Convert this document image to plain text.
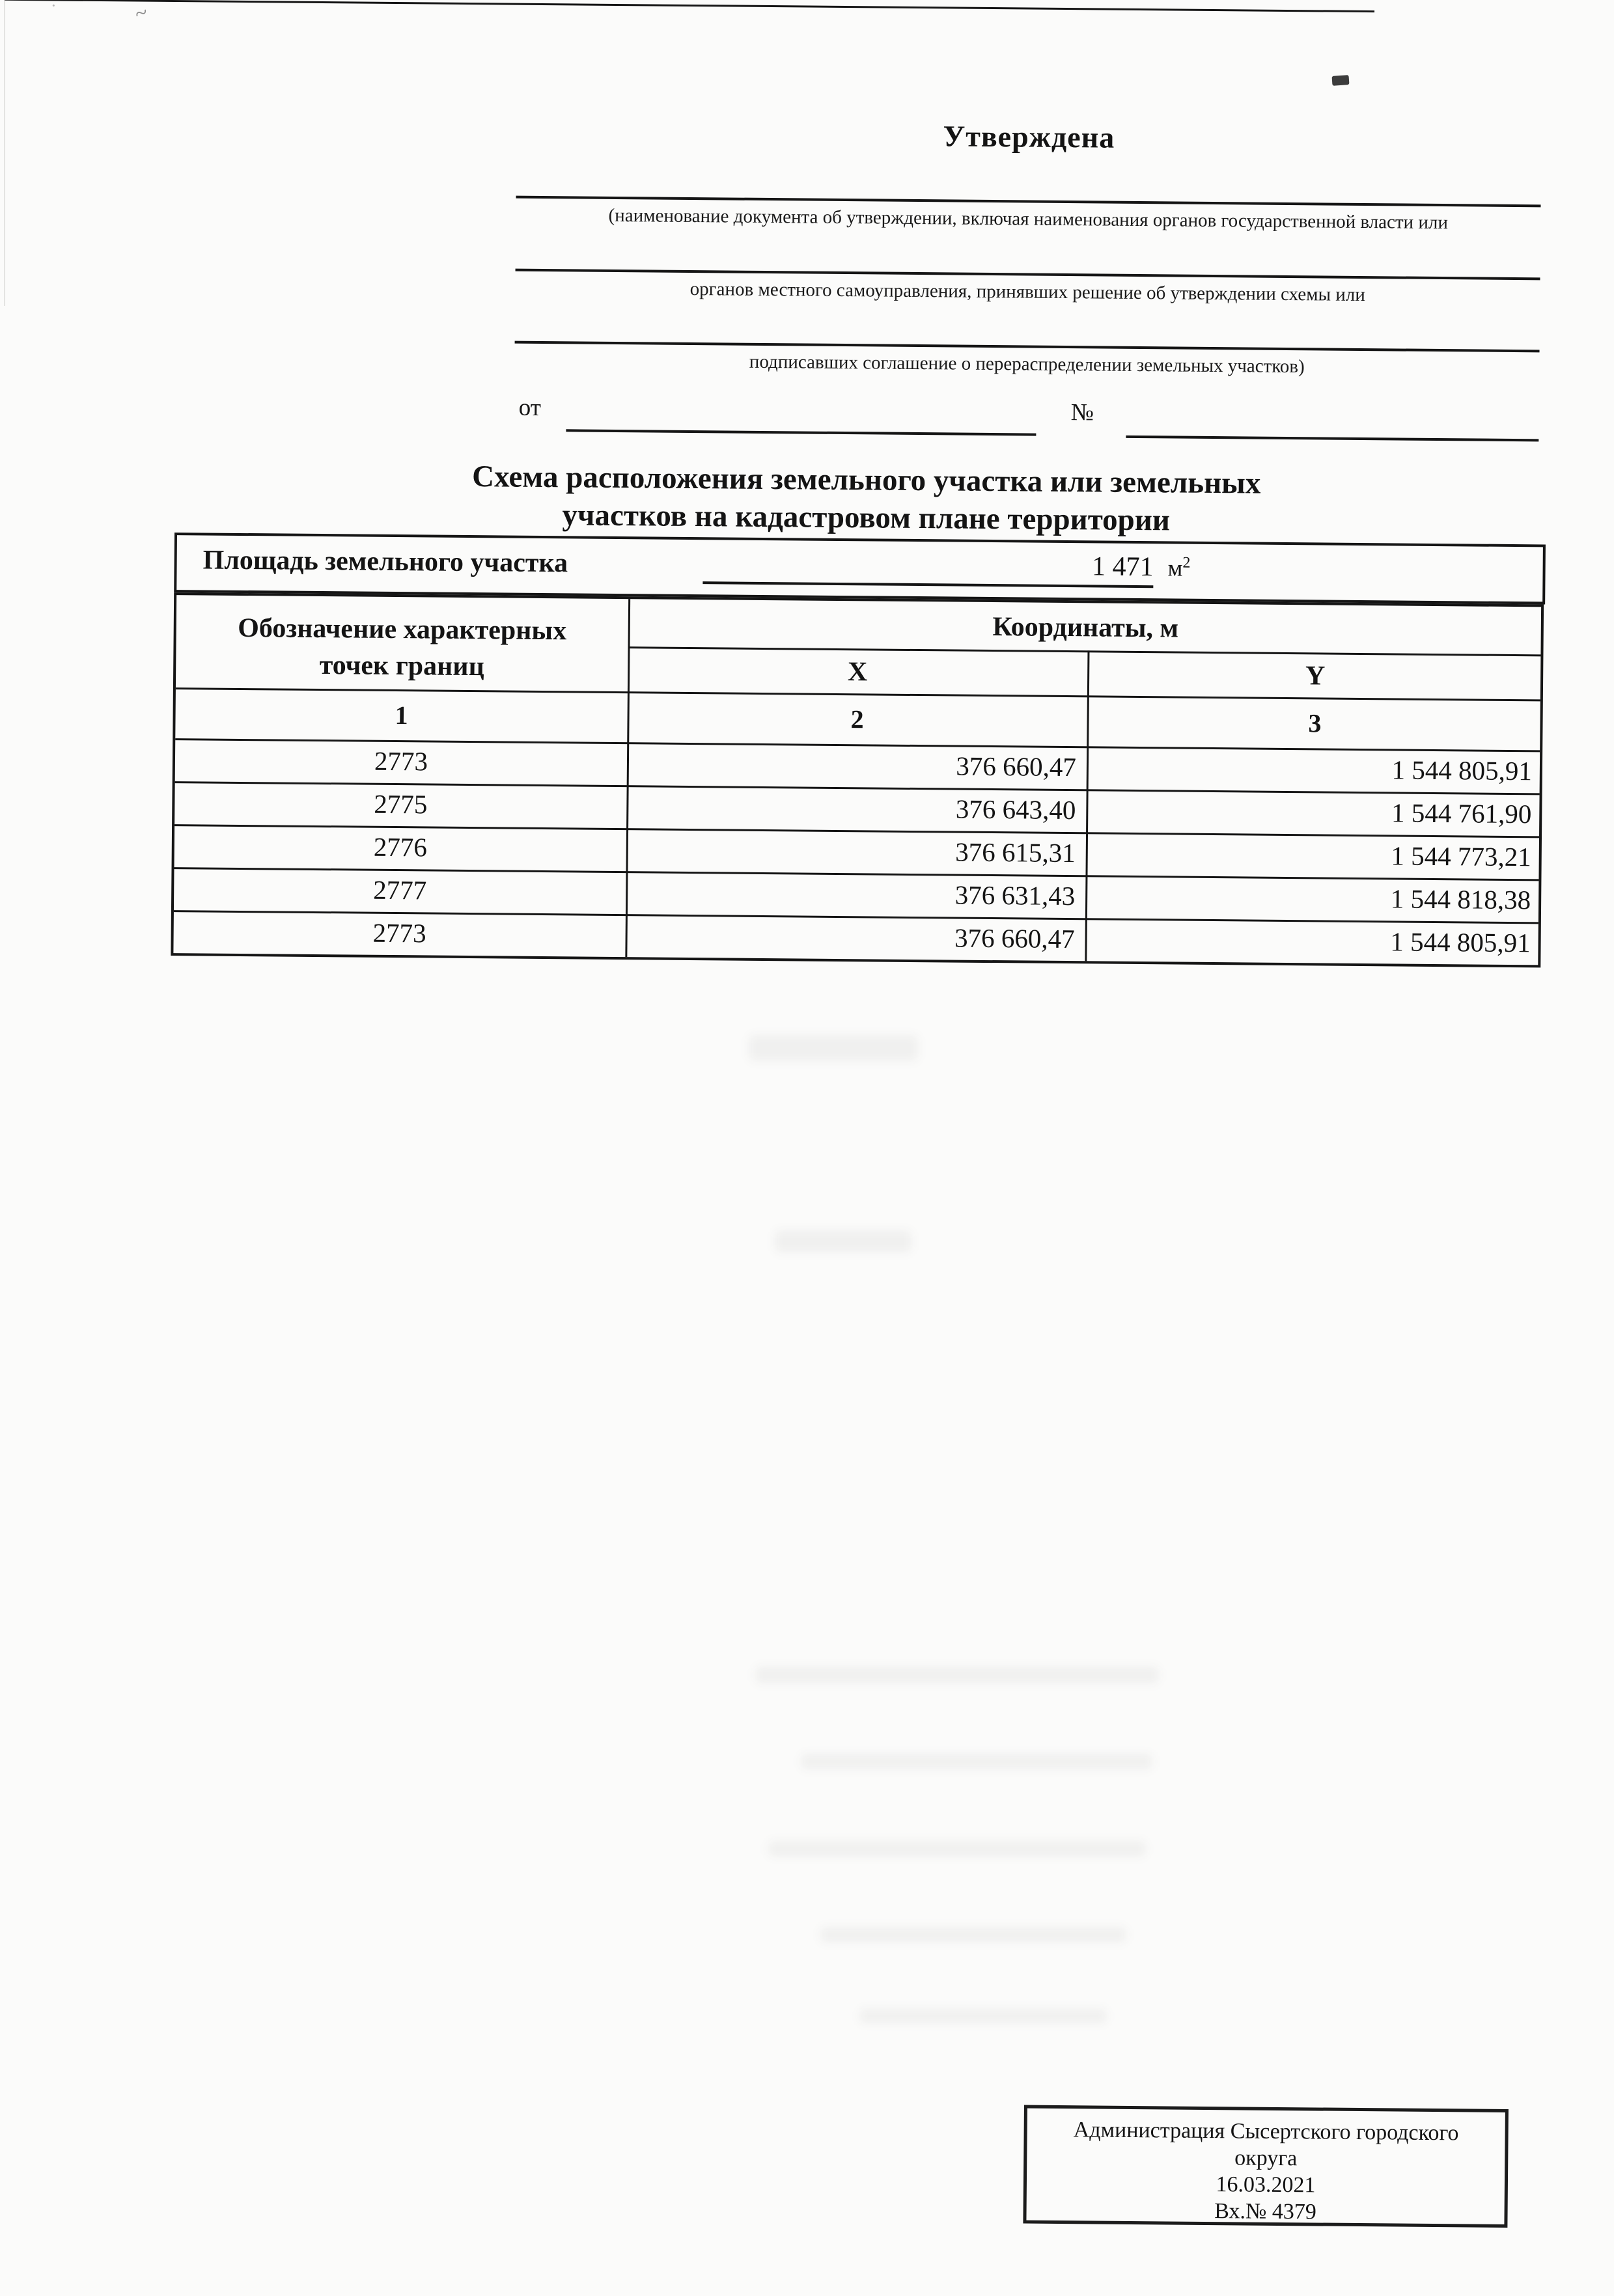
~
·
Утверждена
(наименование документа об утверждении, включая наименования органов государственной власти или
органов местного самоуправления, принявших решение об утверждении схемы или
подписавших соглашение о перераспределении земельных участков)
от	№
Схема расположения земельного участка или земельных
участков на кадастровом плане территории
Площадь земельного участка	1 471 $м^2$
Обозначение характерных
точек границ
Координаты, м
X	Y
1	2	3
2773	376 660,47	1 544 805,91
2775	376 643,40	1 544 761,90
2776	376 615,31	1 544 773,21
2777	376 631,43	1 544 818,38
2773	376 660,47	1 544 805,91
Администрация Сысертского городского
округа
16.03.2021
Вх.№ 4379
